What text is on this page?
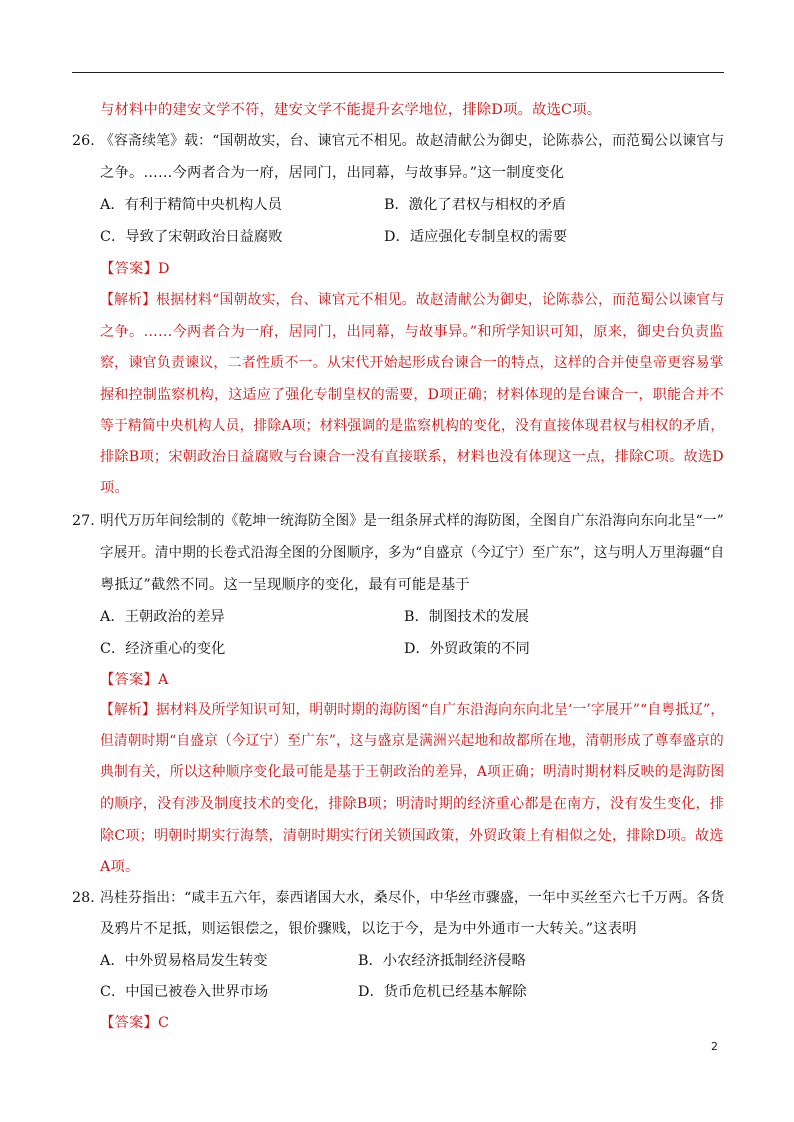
与材料中的建安文学不符，建安文学不能提升玄学地位，排除D项。故选C项。
26. 《容斋续笔》载：“国朝故实，台、谏官元不相见。故赵清献公为御史，论陈恭公，而范蜀公以谏官与
之争。……今两者合为一府，居同门，出同幕，与故事异。”这一制度变化
A．有利于精简中央机构人员	B．激化了君权与相权的矛盾
C．导致了宋朝政治日益腐败	D．适应强化专制皇权的需要
【答案】D
【解析】根据材料“国朝故实，台、谏官元不相见。故赵清献公为御史，论陈恭公，而范蜀公以谏官与
之争。……今两者合为一府，居同门，出同幕，与故事异。”和所学知识可知，原来，御史台负责监
察，谏官负责谏议，二者性质不一。从宋代开始起形成台谏合一的特点，这样的合并使皇帝更容易掌
握和控制监察机构，这适应了强化专制皇权的需要，D项正确；材料体现的是台谏合一，职能合并不
等于精简中央机构人员，排除A项；材料强调的是监察机构的变化，没有直接体现君权与相权的矛盾，
排除B项；宋朝政治日益腐败与台谏合一没有直接联系，材料也没有体现这一点，排除C项。故选D
项。
27. 明代万历年间绘制的《乾坤一统海防全图》是一组条屏式样的海防图，全图自广东沿海向东向北呈“一”
字展开。清中期的长卷式沿海全图的分图顺序，多为“自盛京（今辽宁）至广东”，这与明人万里海疆“自
粤抵辽”截然不同。这一呈现顺序的变化，最有可能是基于
A．王朝政治的差异	B．制图技术的发展
C．经济重心的变化	D．外贸政策的不同
【答案】A
【解析】据材料及所学知识可知，明朝时期的海防图“自广东沿海向东向北呈‘一’字展开”“自粤抵辽”，
但清朝时期“自盛京（今辽宁）至广东”，这与盛京是满洲兴起地和故都所在地，清朝形成了尊奉盛京的
典制有关，所以这种顺序变化最可能是基于王朝政治的差异，A项正确；明清时期材料反映的是海防图
的顺序，没有涉及制度技术的变化，排除B项；明清时期的经济重心都是在南方，没有发生变化，排
除C项；明朝时期实行海禁，清朝时期实行闭关锁国政策，外贸政策上有相似之处，排除D项。故选
A项。
28. 冯桂芬指出：“咸丰五六年，泰西诸国大水，桑尽仆，中华丝市骤盛，一年中买丝至六七千万两。各货
及鸦片不足抵，则运银偿之，银价骤贱，以讫于今，是为中外通市一大转关。”这表明
A．中外贸易格局发生转变	B．小农经济抵制经济侵略
C．中国已被卷入世界市场	D．货币危机已经基本解除
【答案】C
2
